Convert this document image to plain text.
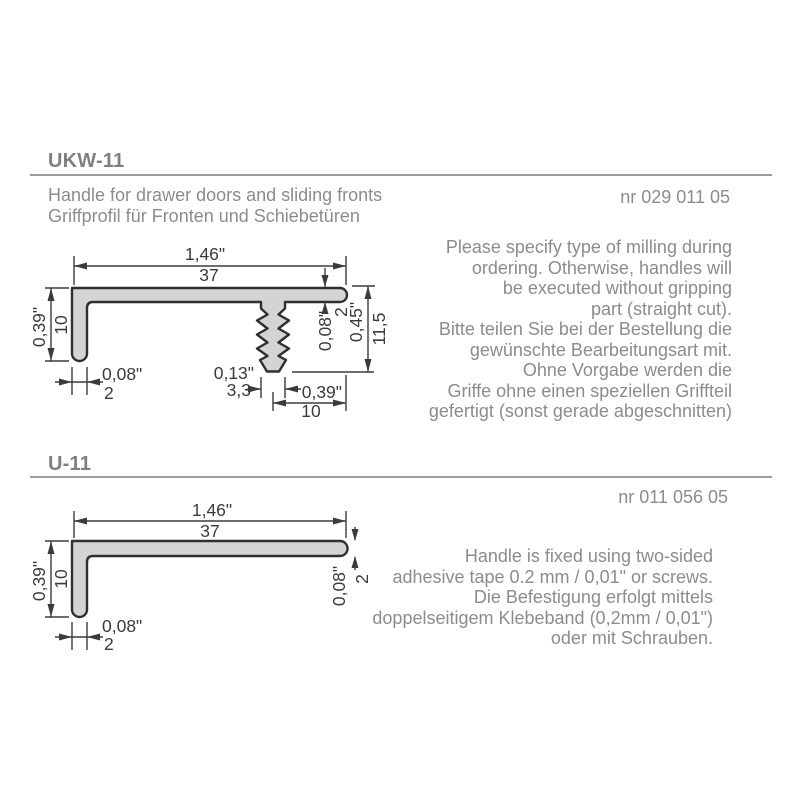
UKW-11
Handle for drawer doors and sliding fronts
Griffprofil für Fronten und Schiebetüren
nr 029 011 05
Please specify type of milling during
ordering. Otherwise, handles will
be executed without gripping
part (straight cut).
Bitte teilen Sie bei der Bestellung die
gewünschte Bearbeitungsart mit.
Ohne Vorgabe werden die
Griffe ohne einen speziellen Griffteil
gefertigt (sonst gerade abgeschnitten)
1,46"
37
0,39" 10
0,08"
2
0,13"
3,3	0,39"
10
0,08"
2
0,45" 11,5
U-11
nr 011 056 05
Handle is fixed using two-sided
adhesive tape 0.2 mm / 0,01" or screws.
Die Befestigung erfolgt mittels
doppelseitigem Klebeband (0,2mm / 0,01")
oder mit Schrauben.
1,46"
37
0,39" 10
0,08"
2
0,08" 2
